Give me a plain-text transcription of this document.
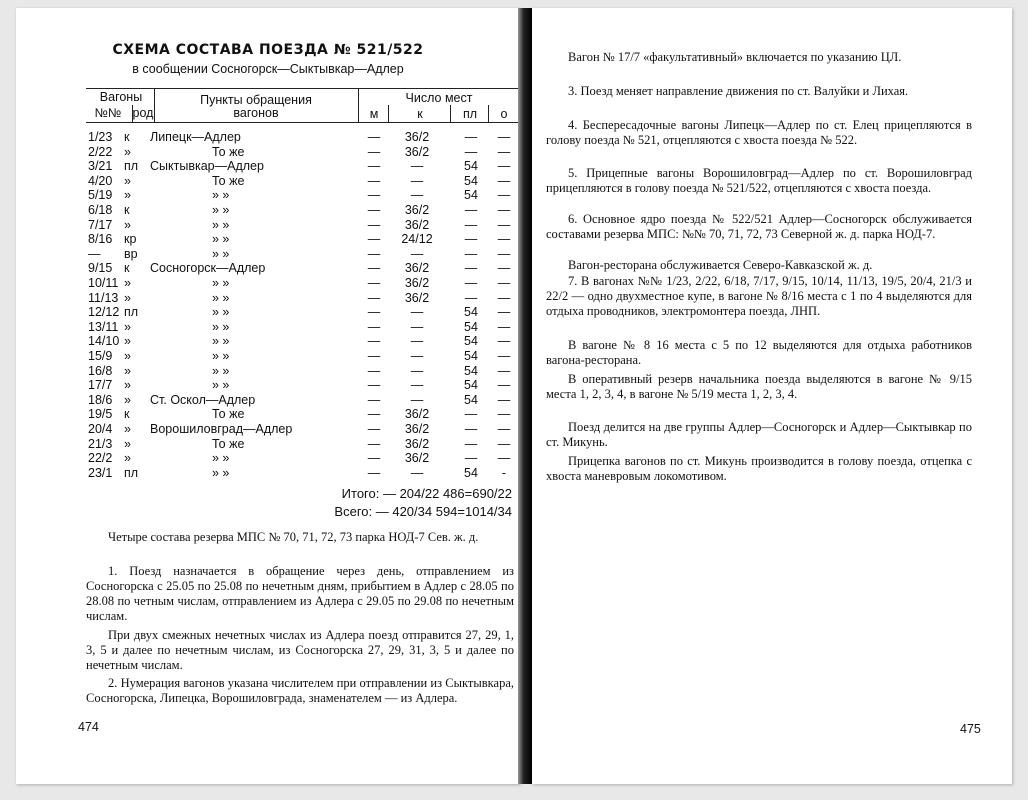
СХЕМА СОСТАВА ПОЕЗДА № 521/522
в сообщении Сосногорск—Сыктывкар—Адлер
Вагоны
№№ род
Пункты обращения
вагонов
Число мест
м	к	пл	о
1/23 к Липецк—Адлер	—	36/2	—	—
2/22 »	То же	—	36/2	—	—
3/21 пл Сыктывкар—Адлер	—	—	54	—
4/20 »	То же	—	—	54	—
5/19 »	» »	—	—	54	—
6/18 к	» »	—	36/2	—	—
7/17 »	» »	—	36/2	—	—
8/16 кр	» »	—	24/12	—	—
— вр	» »	—	—	—	—
9/15 к Сосногорск—Адлер	—	36/2	—	—
10/11 »	» »	—	36/2	—	—
11/13 »	» »	—	36/2	—	—
12/12 пл	» »	—	—	54	—
13/11 »	» »	—	—	54	—
14/10 »	» »	—	—	54	—
15/9 »	» »	—	—	54	—
16/8 »	» »	—	—	54	—
17/7 »	» »	—	—	54	—
18/6 » Ст. Оскол—Адлер	—	—	54	—
19/5 к	То же	—	36/2	—	—
20/4 » Ворошиловград—Адлер	—	36/2	—	—
21/3 »	То же	—	36/2	—	—
22/2 »	» »	—	36/2	—	—
23/1 пл	» »	—	—	54	-
Итого: — 204/22 486=690/22
Всего: — 420/34 594=1014/34
Четыре состава резерва МПС № 70, 71, 72, 73 парка НОД-7 Сев. ж. д.
1. Поезд назначается в обращение через день, отправлением из Сосногорска с 25.05 по 25.08 по нечетным дням, прибытием в Адлер с 28.05 по 28.08 по четным числам, отправлением из Адлера с 29.05 по 29.08 по нечетным числам.
При двух смежных нечетных числах из Адлера поезд отправится 27, 29, 1, 3, 5 и далее по нечетным числам, из Сосногорска 27, 29, 31, 3, 5 и далее по нечетным числам.
2. Нумерация вагонов указана числителем при отправлении из Сыктывкара, Сосногорска, Липецка, Ворошиловграда, знаменателем — из Адлера.
474
Вагон № 17/7 «факультативный» включается по указанию ЦЛ.
3. Поезд меняет направление движения по ст. Валуйки и Лихая.
4. Беспересадочные вагоны Липецк—Адлер по ст. Елец прицепляются в голову поезда № 521, отцепляются с хвоста поезда № 522.
5. Прицепные вагоны Ворошиловград—Адлер по ст. Ворошиловград прицепляются в голову поезда № 521/522, отцепляются с хвоста поезда.
6. Основное ядро поезда № 522/521 Адлер—Сосногорск обслуживается составами резерва МПС: №№ 70, 71, 72, 73 Северной ж. д. парка НОД-7.
Вагон-ресторана обслуживается Северо-Кавказской ж. д.
7. В вагонах №№ 1/23, 2/22, 6/18, 7/17, 9/15, 10/14, 11/13, 19/5, 20/4, 21/3 и 22/2 — одно двухместное купе, в вагоне № 8/16 места с 1 по 4 выделяются для отдыха проводников, электромонтера поезда, ЛНП.
В вагоне № 8 16 места с 5 по 12 выделяются для отдыха работников вагона-ресторана.
В оперативный резерв начальника поезда выделяются в вагоне № 9/15 места 1, 2, 3, 4, в вагоне № 5/19 места 1, 2, 3, 4.
Поезд делится на две группы Адлер—Сосногорск и Адлер—Сыктывкар по ст. Микунь.
Прицепка вагонов по ст. Микунь производится в голову поезда, отцепка с хвоста маневровым локомотивом.
475
